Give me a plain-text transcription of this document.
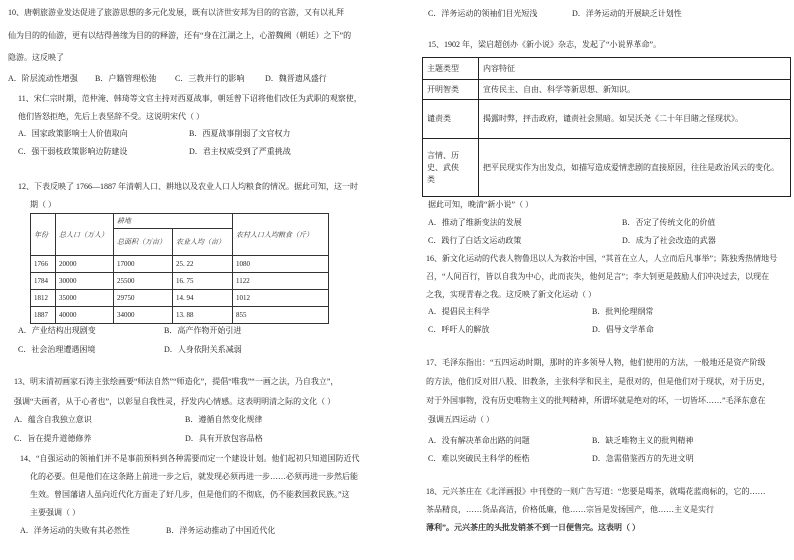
10、唐朝旅游业发达促进了旅游思想的多元化发展，既有以济世安邦为目的的官游，又有以礼拜
仙为目的的仙游，更有以结得善缘为目的的释游，还有“身在江湖之上，心游魏阙（朝廷）之下”的
隐游。这反映了
A．阶层流动性增强	B．户籍管理松弛	C．三教并行的影响	D．魏晋遗风盛行
11、宋仁宗时期，范仲淹、韩琦等文官主持对西夏战事，朝廷曾下诏将他们改任为武职的观察使，
他们皆怒拒绝，先后上表坚辞不受。这说明宋代（ ）
A．国家政策影响士人价值取向	B．西夏战事削弱了文官权力
C．强干弱枝政策影响边防建设	D．君主权威受到了严重挑战
12、下表反映了 1766—1887 年清朝人口、耕地以及农业人口人均粮食的情况。据此可知，这一时
期（ ）
年份	总人口（万人）	耕地		农村人口人均粮食（斤）
		总面积（万亩）	农业人均（亩）	
1766	20000	17000	25. 22	1080
1784	30000	25500	16. 75	1122
1812	35000	29750	14. 94	1012
1887	40000	34000	13. 88	855
A．产业结构出现剧变	B．高产作物开始引进
C．社会治理遭遇困境	D．人身依附关系减弱
13、明末清初画家石涛主张绘画要“师法自然”“师造化”，提倡“唯我”“一画之法，乃自我立”，
强调“夫画者，从于心者也”，以彰显自我性灵，抒发内心情感。这表明明清之际的文化（ ）
A．蕴含自我独立意识	B．遵循自然变化规律
C．旨在提升道德修养	D．具有开放包容品格
14、“自强运动的领袖们并不是事前预料到各种需要而定一个建设计划。他们起初只知道国防近代
化的必要。但是他们在这条路上前进一步之后，就发现必须再进一步……必须再进一步然后能
生效。曾国藩诸人虽向近代化方面走了好几步，但是他们的不彻底，仍不能救国救民族。”这
主要强调（ ）
A．洋务运动的失败有其必然性	B．洋务运动推动了中国近代化
C．洋务运动的领袖们目光短浅	D．洋务运动的开展缺乏计划性
15、1902 年，梁启超创办《新小说》杂志，发起了“小说界革命”。
主题类型	内容特征
开明智类	宣传民主、自由、科学等新思想、新知识。
谴责类	揭露时弊，抨击政府，谴责社会黑暗。如吴沃尧《二十年目睹之怪现状》。
言情、历史、武侠类	把平民现实作为出发点，如描写造成爱情悲剧的直接原因，往往是政治风云的变化。
据此可知，晚清“新小说”（ ）
A．推动了维新变法的发展	B．否定了传统文化的价值
C．践行了白话文运动政策	D．成为了社会改造的武器
16、新文化运动的代表人物鲁迅以人为救治中国，“其首在立人，人立而后凡事举”；陈独秀热情地号
召，“人间百行，皆以自我为中心，此而丧失，他何足言”；李大钊更是鼓励人们冲决过去，以现在
之我，实现青春之我。这反映了新文化运动（ ）
A．提倡民主科学	B．批判伦理纲常
C．呼吁人的解放	D．倡导文学革命
17、毛泽东指出：“五四运动时期，那时的许多领导人物，他们使用的方法，一般地还是资产阶级
的方法，他们反对旧八股、旧教条，主张科学和民主，是很对的，但是他们对于现状，对于历史，
对于外国事物，没有历史唯物主义的批判精神，所谓坏就是绝对的坏，一切皆坏……”毛泽东意在
强调五四运动（ ）
A．没有解决革命出路的问题	B．缺乏唯物主义的批判精神
C．难以突破民主科学的桎梏	D．急需借鉴西方的先进文明
18、元兴茶庄在《北洋画报》中刊登的一则广告写道：“您要是喝茶，就喝花蓝商标的，它的……
茶品精良，……货品高洁，价格低廉，他……宗旨是发扬国产，他……主义是实行
薄利”。元兴茶庄的头批发销茶不到一日便售完。这表明（ ）
